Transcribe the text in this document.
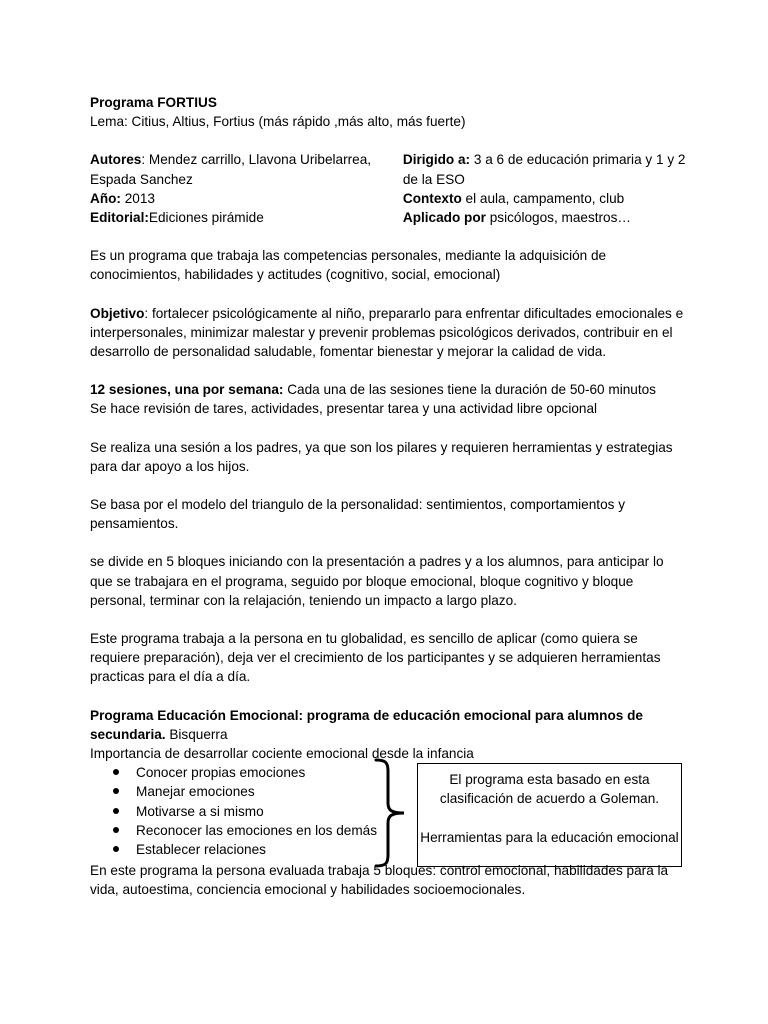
Programa FORTIUS

Lema: Citius, Altius, Fortius (más rápido ,más alto, más fuerte)

Autores: Mendez carrillo, Llavona Uribelarrea, Espada Sanchez

Año: 2013

Editorial:Ediciones pirámide

Dirigido a: 3 a 6 de educación primaria y 1 y 2 de la ESO

Contexto el aula, campamento, club

Aplicado por psicólogos, maestros…

Es un programa que trabaja las competencias personales, mediante la adquisición de conocimientos, habilidades y actitudes (cognitivo, social, emocional)

Objetivo: fortalecer psicológicamente al niño, prepararlo para enfrentar dificultades emocionales e interpersonales, minimizar malestar y prevenir problemas psicológicos derivados, contribuir en el desarrollo de personalidad saludable, fomentar bienestar y mejorar la calidad de vida.

12 sesiones, una por semana: Cada una de las sesiones tiene la duración de 50-60 minutos

Se hace revisión de tares, actividades, presentar tarea y una actividad libre opcional

Se realiza una sesión a los padres, ya que son los pilares y requieren herramientas y estrategias para dar apoyo a los hijos.

Se basa por el modelo del triangulo de la personalidad: sentimientos, comportamientos y pensamientos.

se divide en 5 bloques iniciando con la presentación a padres y a los alumnos, para anticipar lo que se trabajara en el programa, seguido por bloque emocional, bloque cognitivo y bloque personal, terminar con la relajación, teniendo un impacto a largo plazo.

Este programa trabaja a la persona en tu globalidad, es sencillo de aplicar (como quiera se requiere preparación), deja ver el crecimiento de los participantes y se adquieren herramientas practicas para el día a día.

Programa Educación Emocional: programa de educación emocional para alumnos de secundaria. Bisquerra

Importancia de desarrollar cociente emocional desde la infancia

Conocer propias emociones
Manejar emociones
Motivarse a si mismo
Reconocer las emociones en los demás
Establecer relaciones

El programa esta basado en esta clasificación de acuerdo a Goleman.

Herramientas para la educación emocional

En este programa la persona evaluada trabaja 5 bloques: control emocional, habilidades para la vida, autoestima, conciencia emocional y habilidades socioemocionales.
